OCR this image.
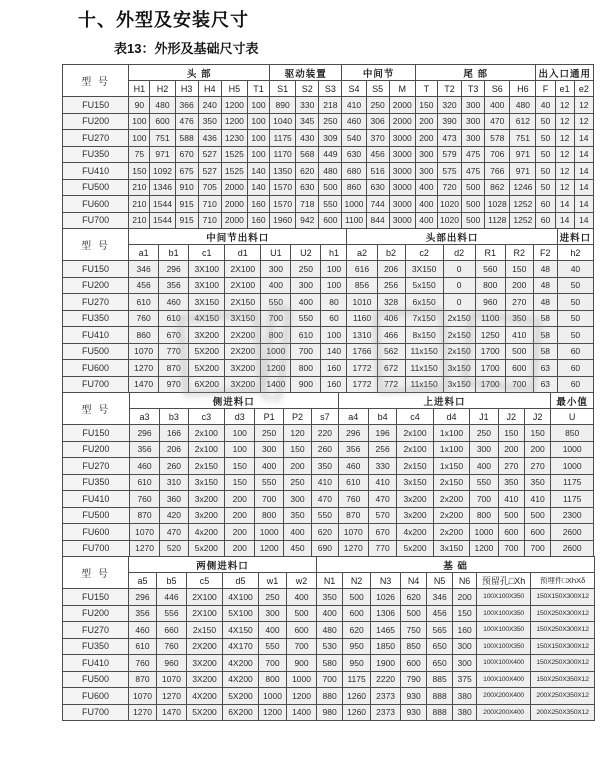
十、外型及安装尺寸
表13：外形及基础尺寸表
型 号	头 部						驱动装置			中间节			尾 部					出入口通用		
	H1	H2	H3	H4	H5	T1	S1	S2	S3	S4	S5	M	T	T2	T3	S6	H6	F	e1	e2
FU150	90	480	366	240	1200	100	890	330	218	410	250	2000	150	320	300	400	480	40	12	12
FU200	100	600	476	350	1200	100	1040	345	250	460	306	2000	200	390	300	470	612	50	12	12
FU270	100	751	588	436	1230	100	1175	430	309	540	370	3000	200	473	300	578	751	50	12	14
FU350	75	971	670	527	1525	100	1170	568	449	630	456	3000	300	579	475	706	971	50	12	14
FU410	150	1092	675	527	1525	140	1350	620	480	680	516	3000	300	575	475	766	971	50	12	14
FU500	210	1346	910	705	2000	140	1570	630	500	860	630	3000	400	720	500	862	1246	50	12	14
FU600	210	1544	915	710	2000	160	1570	718	550	1000	744	3000	400	1020	500	1028	1252	60	14	14
FU700	210	1544	915	710	2000	160	1960	942	600	1100	844	3000	400	1020	500	1128	1252	60	14	14
型 号	中间节出料口							头部出料口							进料口
	a1	b1	c1	d1	U1	U2	h1	a2	b2	c2	d2	R1	R2	F2	h2
FU150	346	296	3X100	2X100	300	250	100	616	206	3X150	0	560	150	48	40
FU200	456	356	3X100	2X100	400	300	100	856	256	5x150	0	800	200	48	50
FU270	610	460	3X150	2X150	550	400	80	1010	328	6x150	0	960	270	48	50
FU350	760	610	4X150	3X150	700	550	60	1160	406	7x150	2x150	1100	350	58	50
FU410	860	670	3X200	2X200	800	610	100	1310	466	8x150	2x150	1250	410	58	50
FU500	1070	770	5X200	2X200	1000	700	140	1766	562	11x150	2x150	1700	500	58	60
FU600	1270	870	5X200	3X200	1200	800	160	1772	672	11x150	3x150	1700	600	63	60
FU700	1470	970	6X200	3X200	1400	900	160	1772	772	11x150	3x150	1700	700	63	60
型 号	侧进料口							上进料口							最小值
	a3	b3	c3	d3	P1	P2	s7	a4	b4	c4	d4	J1	J2	J2	U
FU150	296	166	2x100	100	250	120	220	296	196	2x100	1x100	250	150	150	850
FU200	356	206	2x100	100	300	150	260	356	256	2x100	1x100	300	200	200	1000
FU270	460	260	2x150	150	400	200	350	460	330	2x150	1x150	400	270	270	1000
FU350	610	310	3x150	150	550	250	410	610	410	3x150	2x150	550	350	350	1175
FU410	760	360	3x200	200	700	300	470	760	470	3x200	2x200	700	410	410	1175
FU500	870	420	3x200	200	800	350	550	870	570	3x200	2x200	800	500	500	2300
FU600	1070	470	4x200	200	1000	400	620	1070	670	4x200	2x200	1000	600	600	2600
FU700	1270	520	5x200	200	1200	450	690	1270	770	5x200	3x150	1200	700	700	2600
型 号	两侧进料口						基 础							
	a5	b5	c5	d5	w1	w2	N1	N2	N3	N4	N5	N6	预留孔□Xh	预埋件□XhXδ
FU150	296	446	2X100	4X100	250	400	350	500	1026	620	346	200	100X100X350	150X150X300X12
FU200	356	556	2X100	5X100	300	500	400	600	1306	500	456	150	100X100X350	150X250X300X12
FU270	460	660	2x150	4X150	400	600	480	620	1465	750	565	160	100X100X350	150X250X300X12
FU350	610	760	2X200	4X170	550	700	530	950	1850	850	650	300	100X100X350	150X150X300X12
FU410	760	960	3X200	4X200	700	900	580	950	1900	600	650	300	100X100X400	150X250X300X12
FU500	870	1070	3X200	4X200	800	1000	700	1175	2220	790	885	375	100X100X400	150X250X350X12
FU600	1070	1270	4X200	5X200	1000	1200	880	1260	2373	930	888	380	200X200X400	200X250X350X12
FU700	1270	1470	5X200	6X200	1200	1400	980	1260	2373	930	888	380	200X200X400	200X250X350X12
